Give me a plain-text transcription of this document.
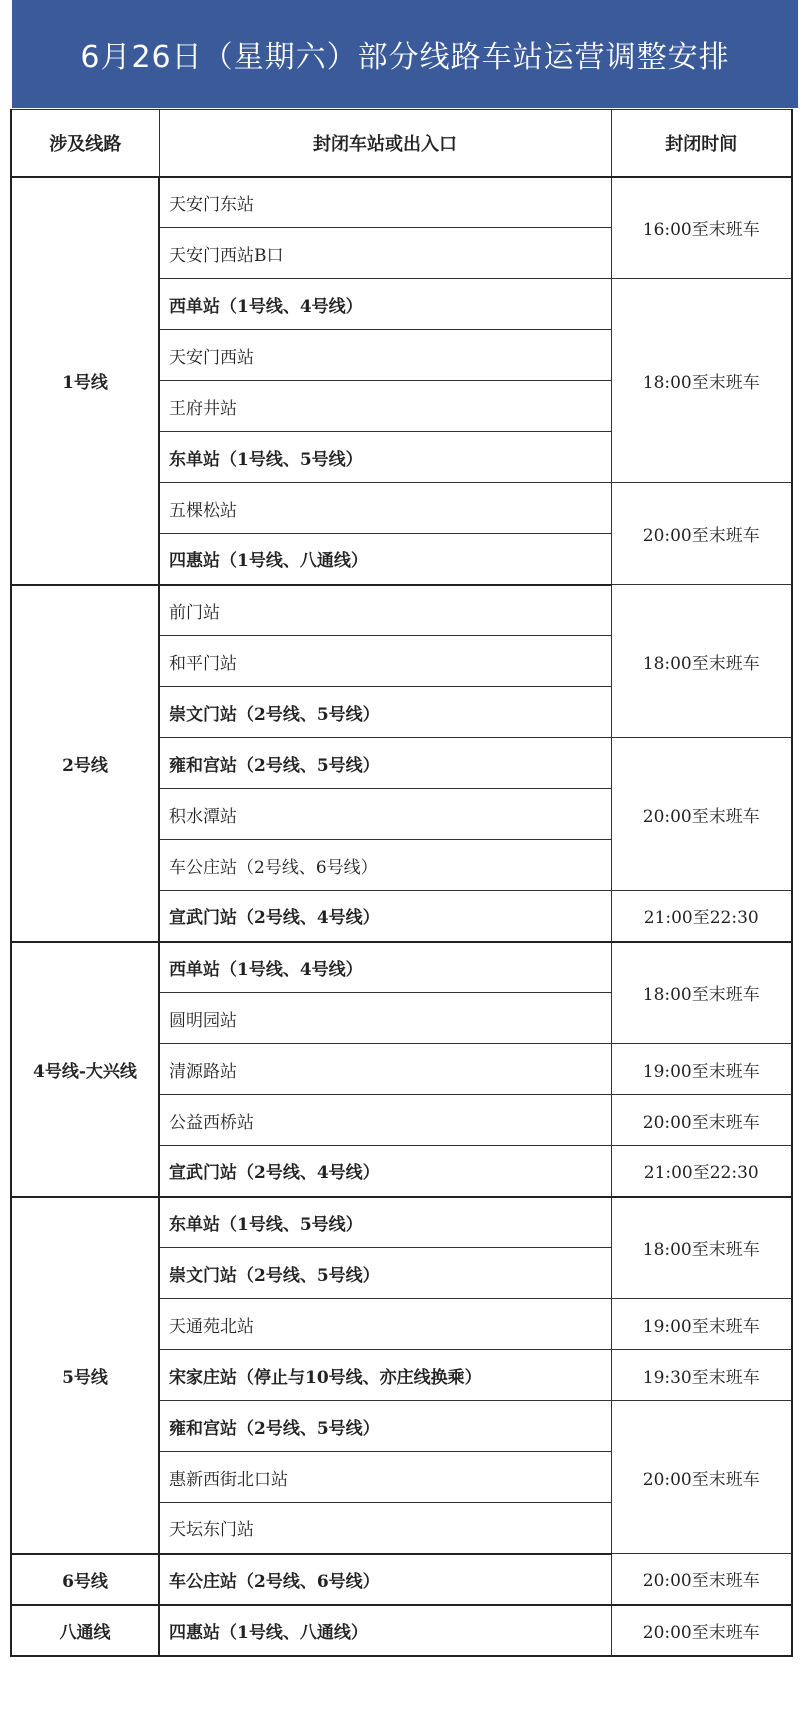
6月26日（星期六）部分线路车站运营调整安排
涉及线路	封闭车站或出入口	封闭时间
1号线	天安门东站	16:00至末班车
	天安门西站B口	
	西单站（1号线、4号线）	18:00至末班车
	天安门西站	
	王府井站	
	东单站（1号线、5号线）	
	五棵松站	20:00至末班车
	四惠站（1号线、八通线）	
2号线	前门站	18:00至末班车
	和平门站	
	崇文门站（2号线、5号线）	
	雍和宫站（2号线、5号线）	20:00至末班车
	积水潭站	
	车公庄站（2号线、6号线）	
	宣武门站（2号线、4号线）	21:00至22:30
4号线-大兴线	西单站（1号线、4号线）	18:00至末班车
	圆明园站	
	清源路站	19:00至末班车
	公益西桥站	20:00至末班车
	宣武门站（2号线、4号线）	21:00至22:30
5号线	东单站（1号线、5号线）	18:00至末班车
	崇文门站（2号线、5号线）	
	天通苑北站	19:00至末班车
	宋家庄站（停止与10号线、亦庄线换乘）	19:30至末班车
	雍和宫站（2号线、5号线）	20:00至末班车
	惠新西街北口站	
	天坛东门站	
6号线	车公庄站（2号线、6号线）	20:00至末班车
八通线	四惠站（1号线、八通线）	20:00至末班车
